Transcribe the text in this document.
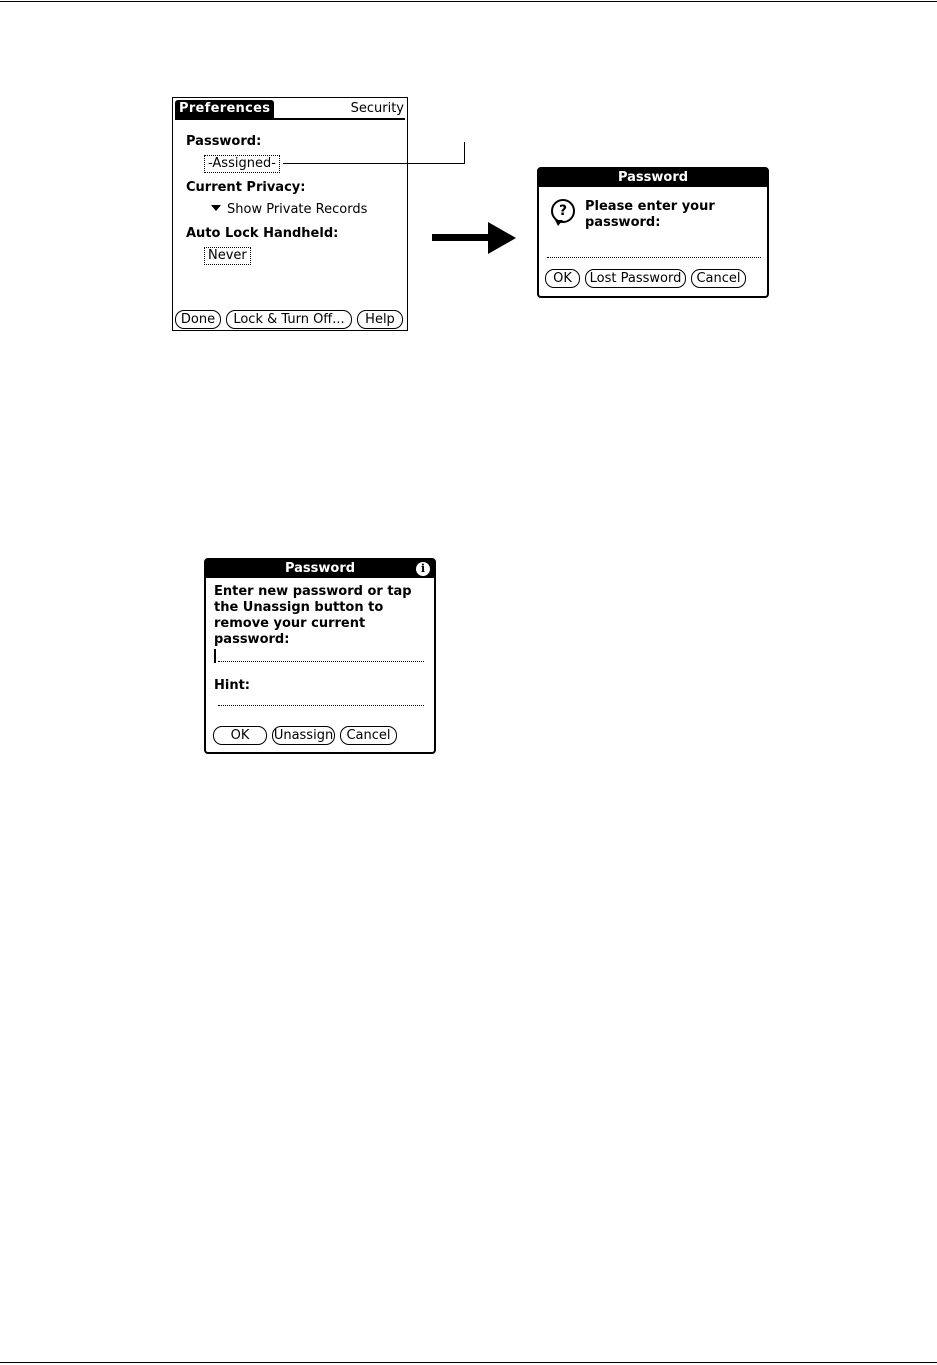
Preferences	Security
Password:
-Assigned-
Current Privacy:
Show Private Records
Auto Lock Handheld:
Never
Done	Lock & Turn Off...	Help
Password
?	Please enter your
password:
OK	Lost Password	Cancel
Password	i
Enter new password or tap
the Unassign button to
remove your current
password:
Hint:
OK	Unassign	Cancel
